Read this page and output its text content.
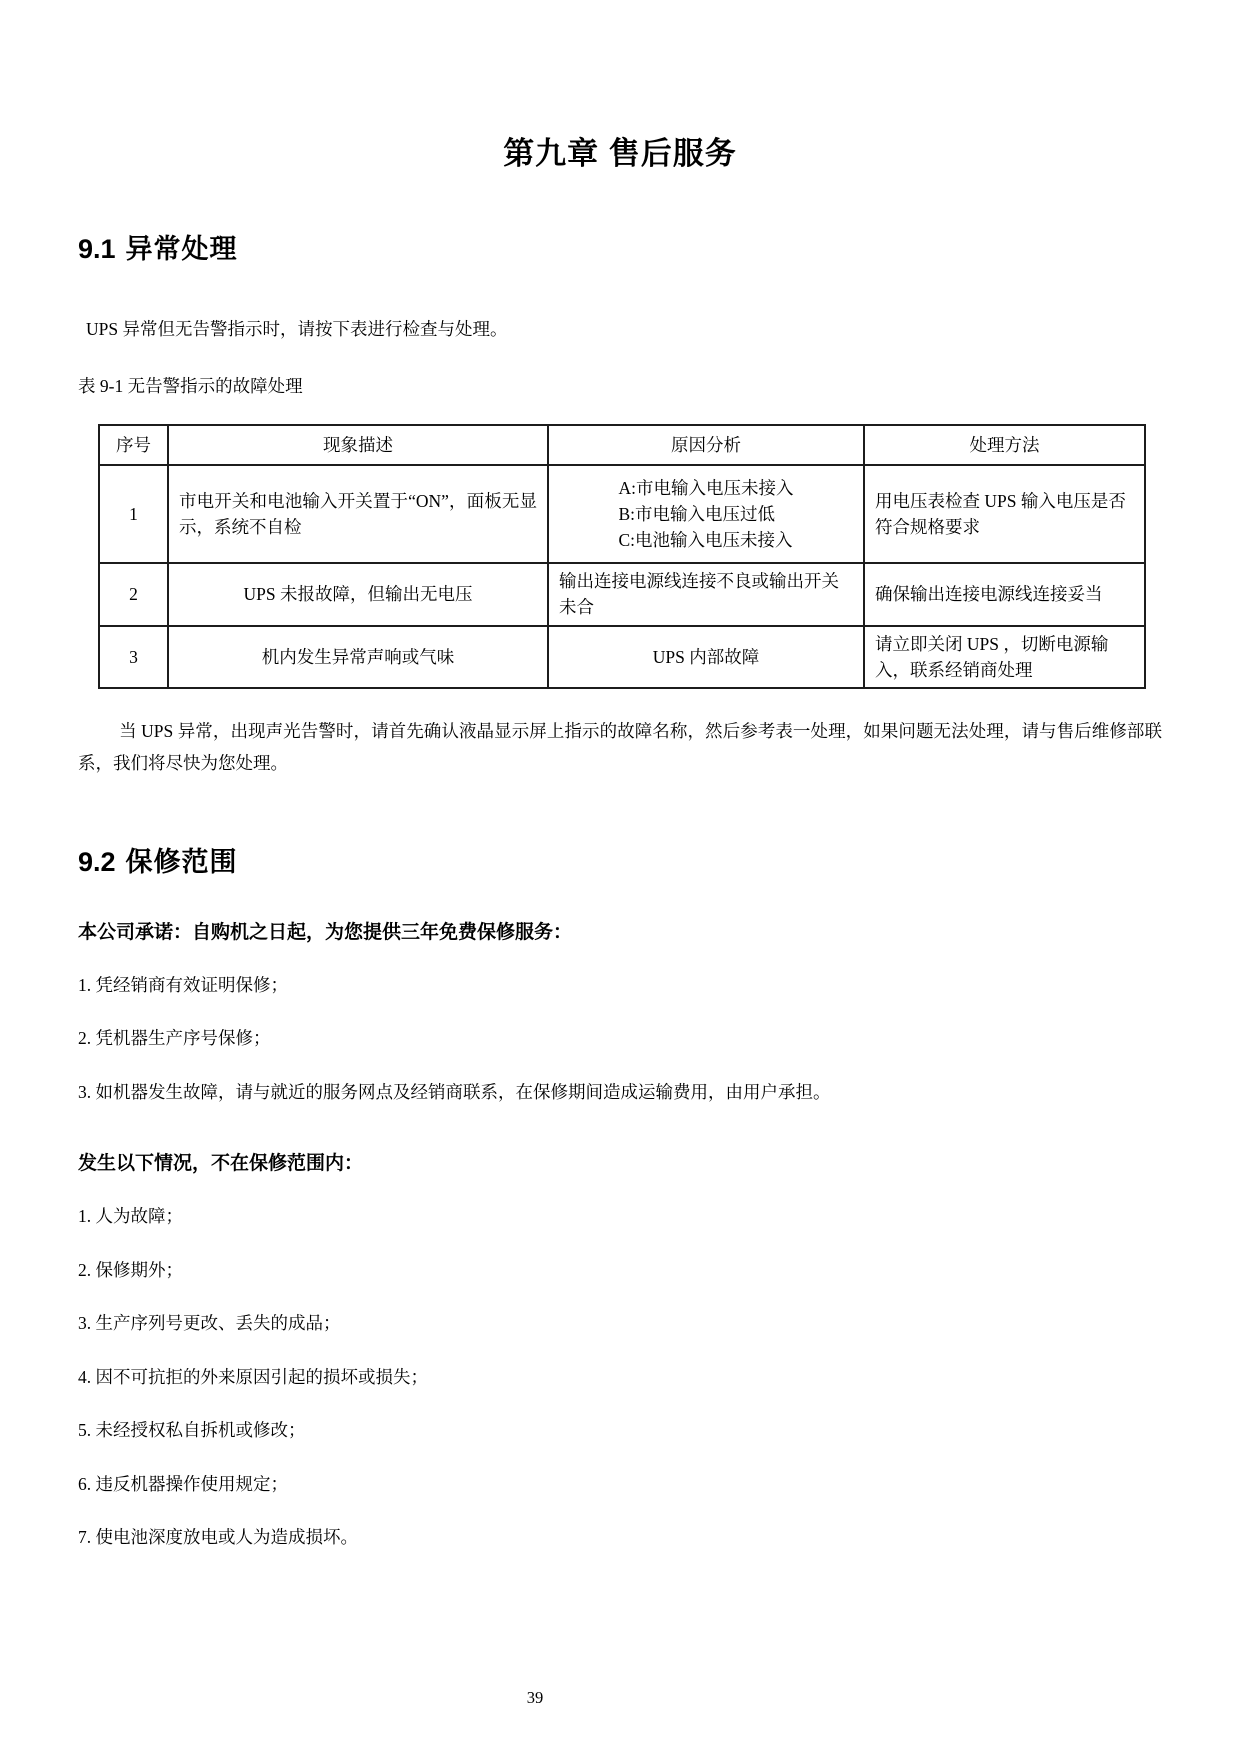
第九章 售后服务
9.1 异常处理

UPS 异常但无告警指示时，请按下表进行检查与处理。

表 9-1 无告警指示的故障处理

序号	现象描述	原因分析	处理方法
1	市电开关和电池输入开关置于“ON”，面板无显示，系统不自检	A:市电输入电压未接入
B:市电输入电压过低
C:电池输入电压未接入	用电压表检查 UPS 输入电压是否符合规格要求
2	UPS 未报故障，但输出无电压	输出连接电源线连接不良或输出开关未合	确保输出连接电源线连接妥当
3	机内发生异常声响或气味	UPS 内部故障	请立即关闭 UPS ，切断电源输入，联系经销商处理

当 UPS 异常，出现声光告警时，请首先确认液晶显示屏上指示的故障名称，然后参考表一处理，如果问题无法处理，请与售后维修部联系，我们将尽快为您处理。

9.2 保修范围
本公司承诺：自购机之日起，为您提供三年免费保修服务：
1. 凭经销商有效证明保修；
2. 凭机器生产序号保修；
3. 如机器发生故障，请与就近的服务网点及经销商联系，在保修期间造成运输费用，由用户承担。
发生以下情况，不在保修范围内：
1. 人为故障；
2. 保修期外；
3. 生产序列号更改、丢失的成品；
4. 因不可抗拒的外来原因引起的损坏或损失；
5. 未经授权私自拆机或修改；
6. 违反机器操作使用规定；
7. 使电池深度放电或人为造成损坏。
39
